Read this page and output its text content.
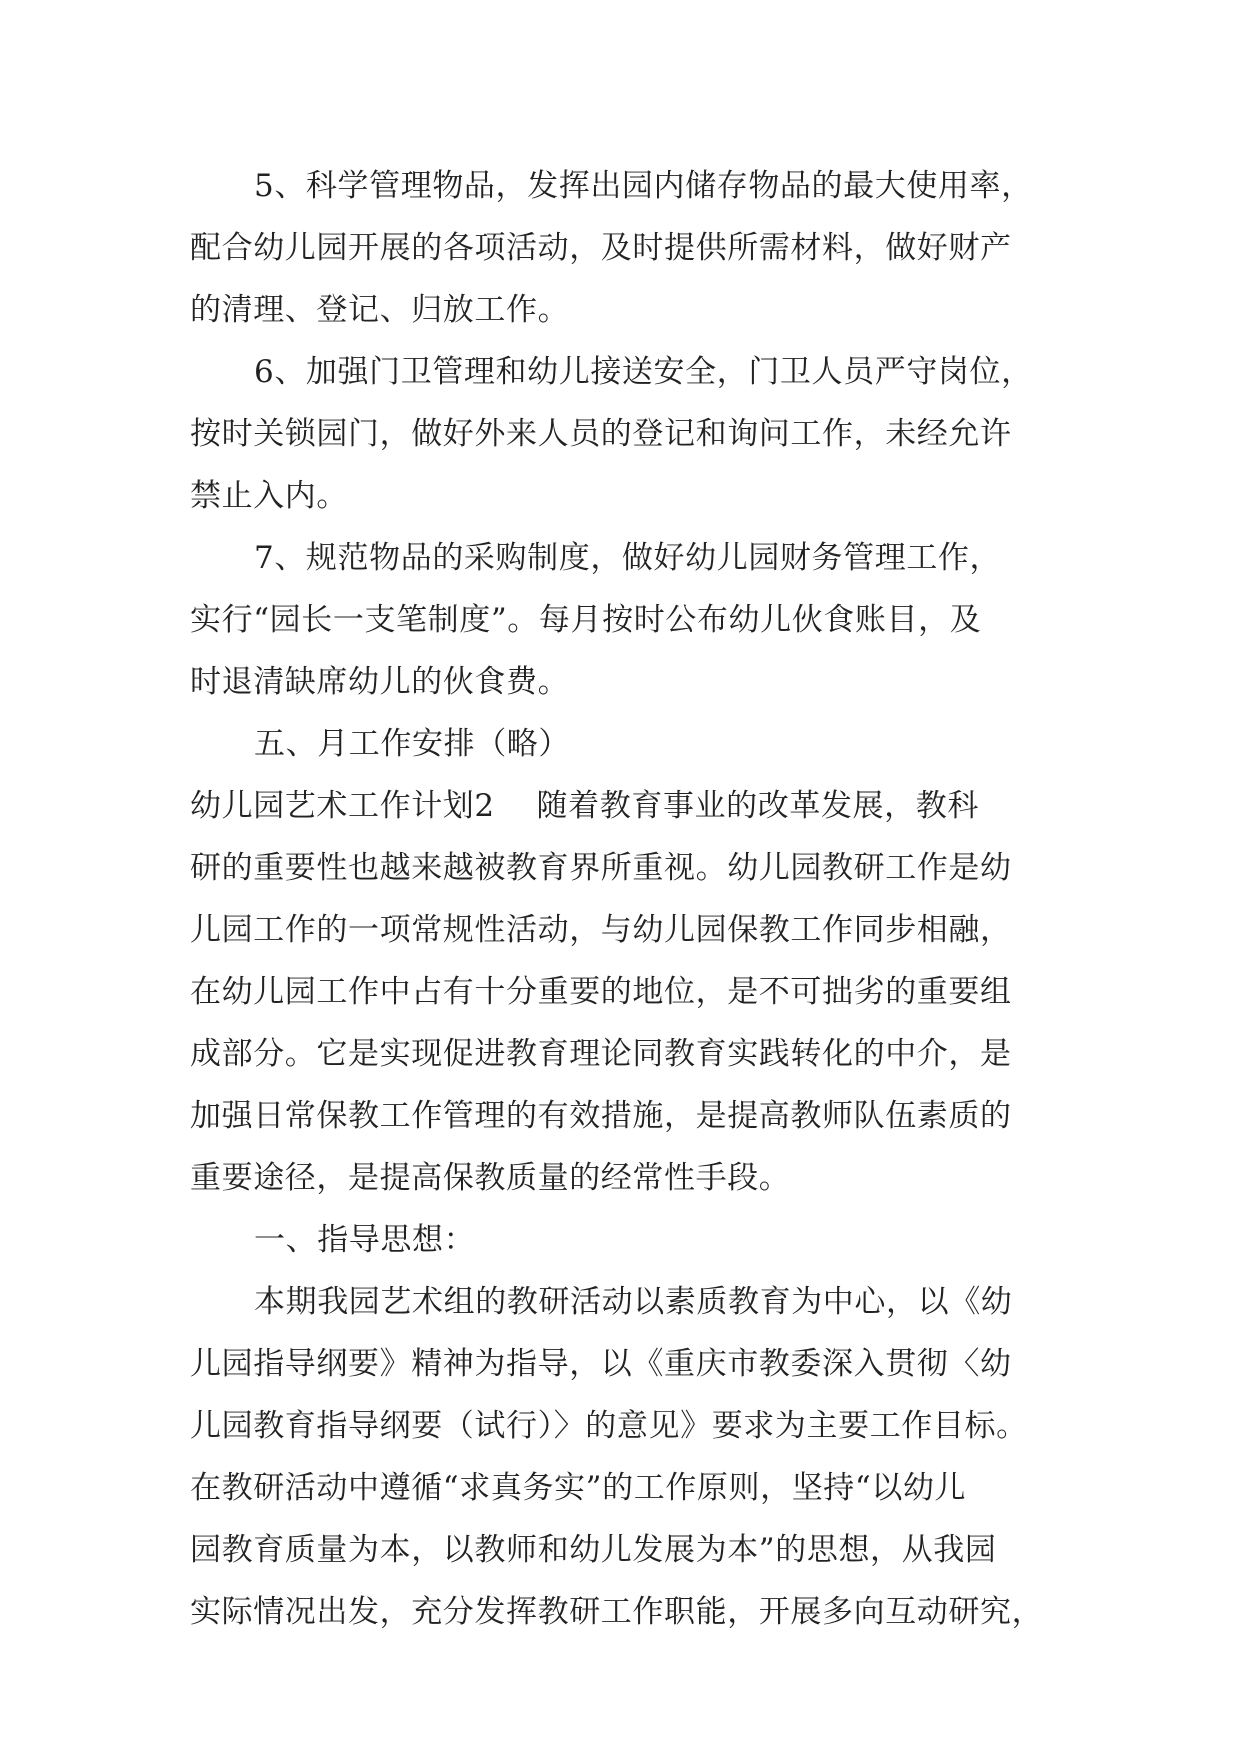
5、科学管理物品，发挥出园内储存物品的最大使用率，
配合幼儿园开展的各项活动，及时提供所需材料，做好财产
的清理、登记、归放工作。
6、加强门卫管理和幼儿接送安全，门卫人员严守岗位，
按时关锁园门，做好外来人员的登记和询问工作，未经允许
禁止入内。
7、规范物品的采购制度，做好幼儿园财务管理工作，
实行“园长一支笔制度”。每月按时公布幼儿伙食账目，及
时退清缺席幼儿的伙食费。
五、月工作安排（略）
幼儿园艺术工作计划2    随着教育事业的改革发展，教科
研的重要性也越来越被教育界所重视。幼儿园教研工作是幼
儿园工作的一项常规性活动，与幼儿园保教工作同步相融，
在幼儿园工作中占有十分重要的地位，是不可拙劣的重要组
成部分。它是实现促进教育理论同教育实践转化的中介，是
加强日常保教工作管理的有效措施，是提高教师队伍素质的
重要途径，是提高保教质量的经常性手段。
一、指导思想：
本期我园艺术组的教研活动以素质教育为中心，以《幼
儿园指导纲要》精神为指导，以《重庆市教委深入贯彻〈幼
儿园教育指导纲要（试行）〉的意见》要求为主要工作目标。
在教研活动中遵循“求真务实”的工作原则，坚持“以幼儿
园教育质量为本，以教师和幼儿发展为本”的思想，从我园
实际情况出发，充分发挥教研工作职能，开展多向互动研究，
